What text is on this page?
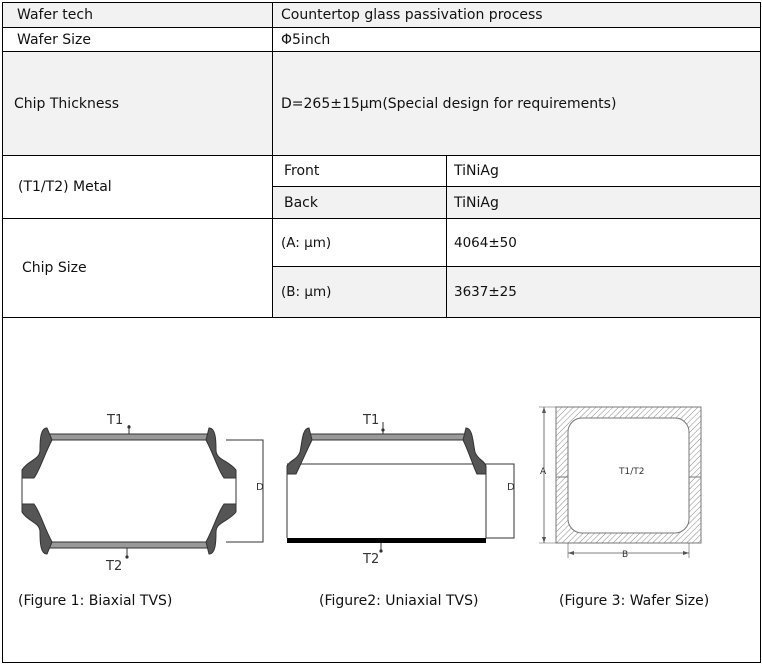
Wafer tech	Countertop glass passivation process
Wafer Size	Φ5inch
Chip Thickness	D=265±15μm(Special design for requirements)
(T1/T2) Metal
Front	TiNiAg
Back	TiNiAg
Chip Size
(A: μm)	4064±50
(B: μm)	3637±25
T1
T2
D
(Figure 1: Biaxial TVS)
T1
T2
D
(Figure2: Uniaxial TVS)
A
B
T1/T2
(Figure 3: Wafer Size)
